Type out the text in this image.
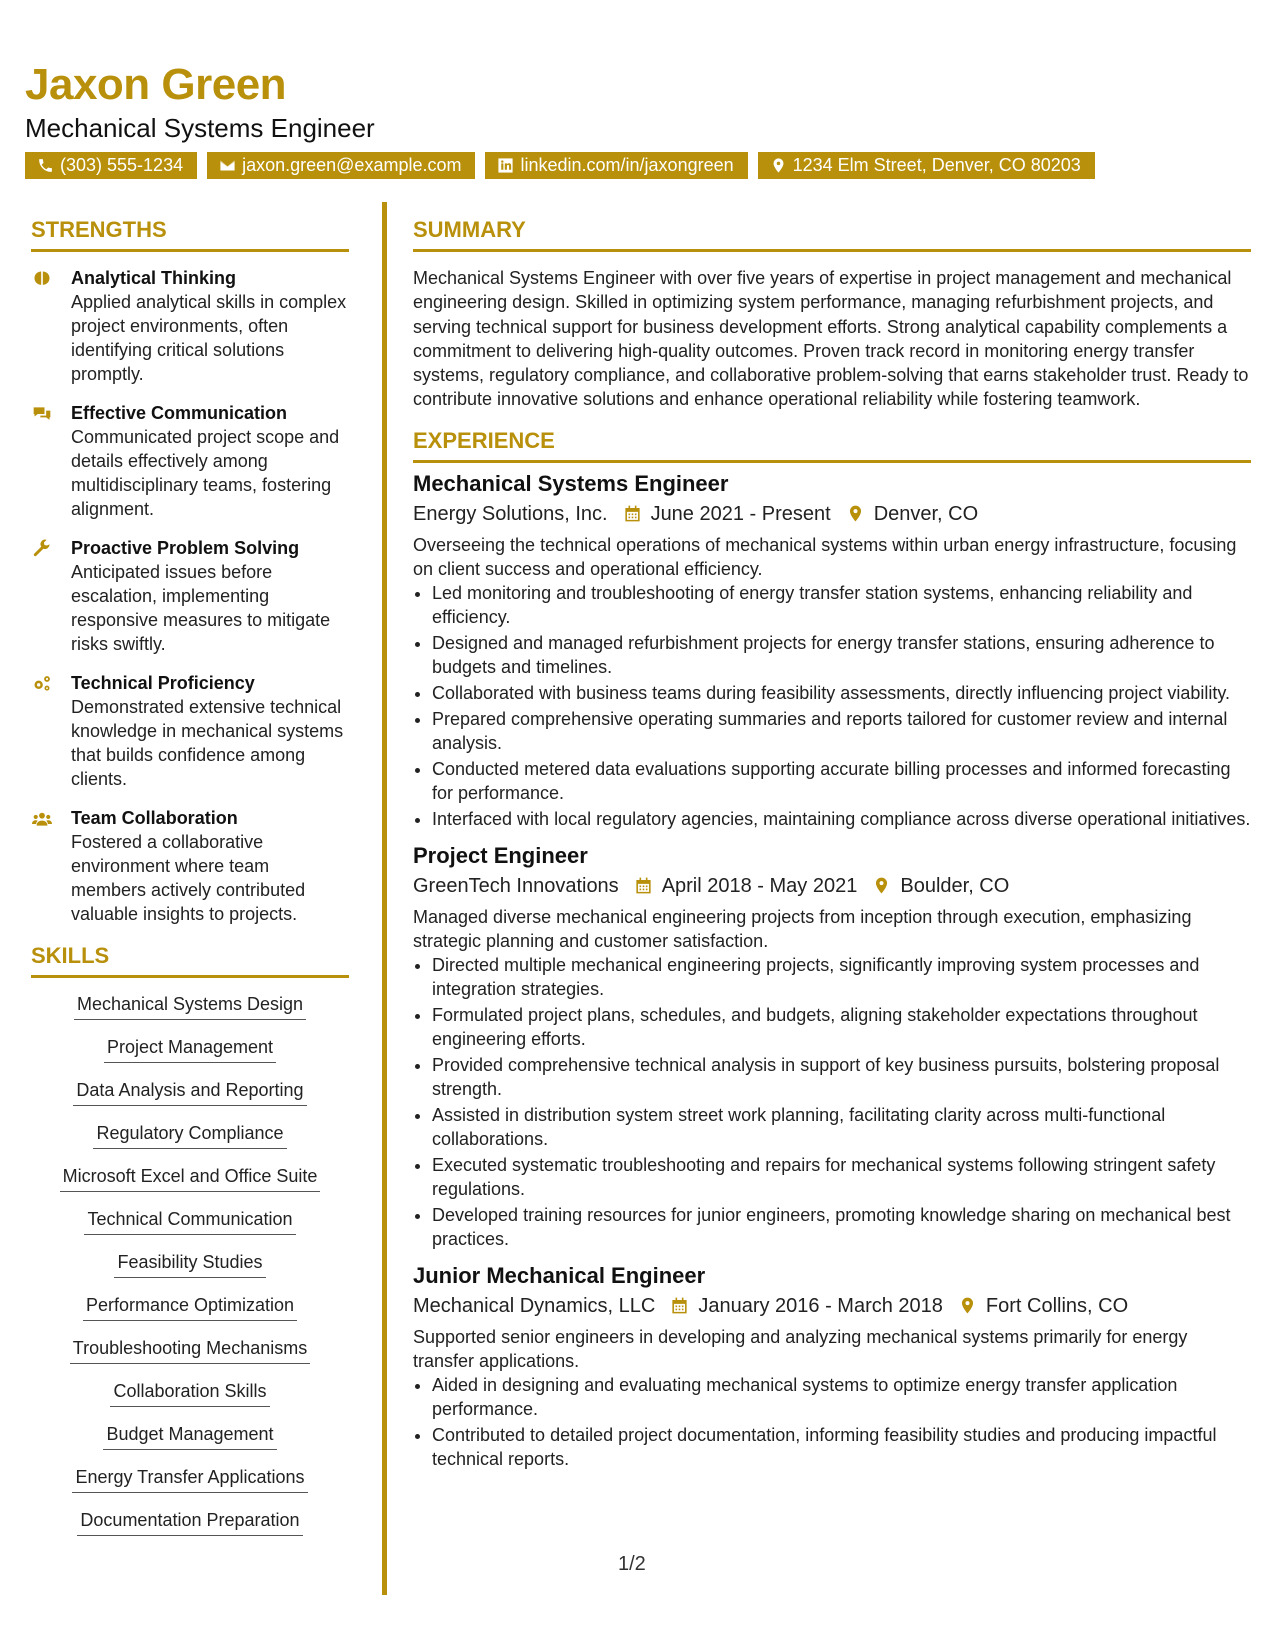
Jaxon Green
Mechanical Systems Engineer
(303) 555-1234	jaxon.green@example.com	linkedin.com/in/jaxongreen	1234 Elm Street, Denver, CO 80203
STRENGTHS
Analytical Thinking
Applied analytical skills in complex project environments, often identifying critical solutions promptly.
Effective Communication
Communicated project scope and details effectively among multidisciplinary teams, fostering alignment.
Proactive Problem Solving
Anticipated issues before escalation, implementing responsive measures to mitigate risks swiftly.
Technical Proficiency
Demonstrated extensive technical knowledge in mechanical systems that builds confidence among clients.
Team Collaboration
Fostered a collaborative environment where team members actively contributed valuable insights to projects.
SKILLS
Mechanical Systems Design
Project Management
Data Analysis and Reporting
Regulatory Compliance
Microsoft Excel and Office Suite
Technical Communication
Feasibility Studies
Performance Optimization
Troubleshooting Mechanisms
Collaboration Skills
Budget Management
Energy Transfer Applications
Documentation Preparation
SUMMARY

Mechanical Systems Engineer with over five years of expertise in project management and mechanical engineering design. Skilled in optimizing system performance, managing refurbishment projects, and serving technical support for business development efforts. Strong analytical capability complements a commitment to delivering high-quality outcomes. Proven track record in monitoring energy transfer systems, regulatory compliance, and collaborative problem-solving that earns stakeholder trust. Ready to contribute innovative solutions and enhance operational reliability while fostering teamwork.

EXPERIENCE
Mechanical Systems Engineer
Energy Solutions, Inc. June 2021 - Present Denver, CO
Overseeing the technical operations of mechanical systems within urban energy infrastructure, focusing on client success and operational efficiency.
• Led monitoring and troubleshooting of energy transfer station systems, enhancing reliability and efficiency.
• Designed and managed refurbishment projects for energy transfer stations, ensuring adherence to budgets and timelines.
• Collaborated with business teams during feasibility assessments, directly influencing project viability.
• Prepared comprehensive operating summaries and reports tailored for customer review and internal analysis.
• Conducted metered data evaluations supporting accurate billing processes and informed forecasting for performance.
• Interfaced with local regulatory agencies, maintaining compliance across diverse operational initiatives.
Project Engineer
GreenTech Innovations April 2018 - May 2021 Boulder, CO
Managed diverse mechanical engineering projects from inception through execution, emphasizing strategic planning and customer satisfaction.
• Directed multiple mechanical engineering projects, significantly improving system processes and integration strategies.
• Formulated project plans, schedules, and budgets, aligning stakeholder expectations throughout engineering efforts.
• Provided comprehensive technical analysis in support of key business pursuits, bolstering proposal strength.
• Assisted in distribution system street work planning, facilitating clarity across multi-functional collaborations.
• Executed systematic troubleshooting and repairs for mechanical systems following stringent safety regulations.
• Developed training resources for junior engineers, promoting knowledge sharing on mechanical best practices.
Junior Mechanical Engineer
Mechanical Dynamics, LLC January 2016 - March 2018 Fort Collins, CO
Supported senior engineers in developing and analyzing mechanical systems primarily for energy transfer applications.
• Aided in designing and evaluating mechanical systems to optimize energy transfer application performance.
• Contributed to detailed project documentation, informing feasibility studies and producing impactful technical reports.
1/2
